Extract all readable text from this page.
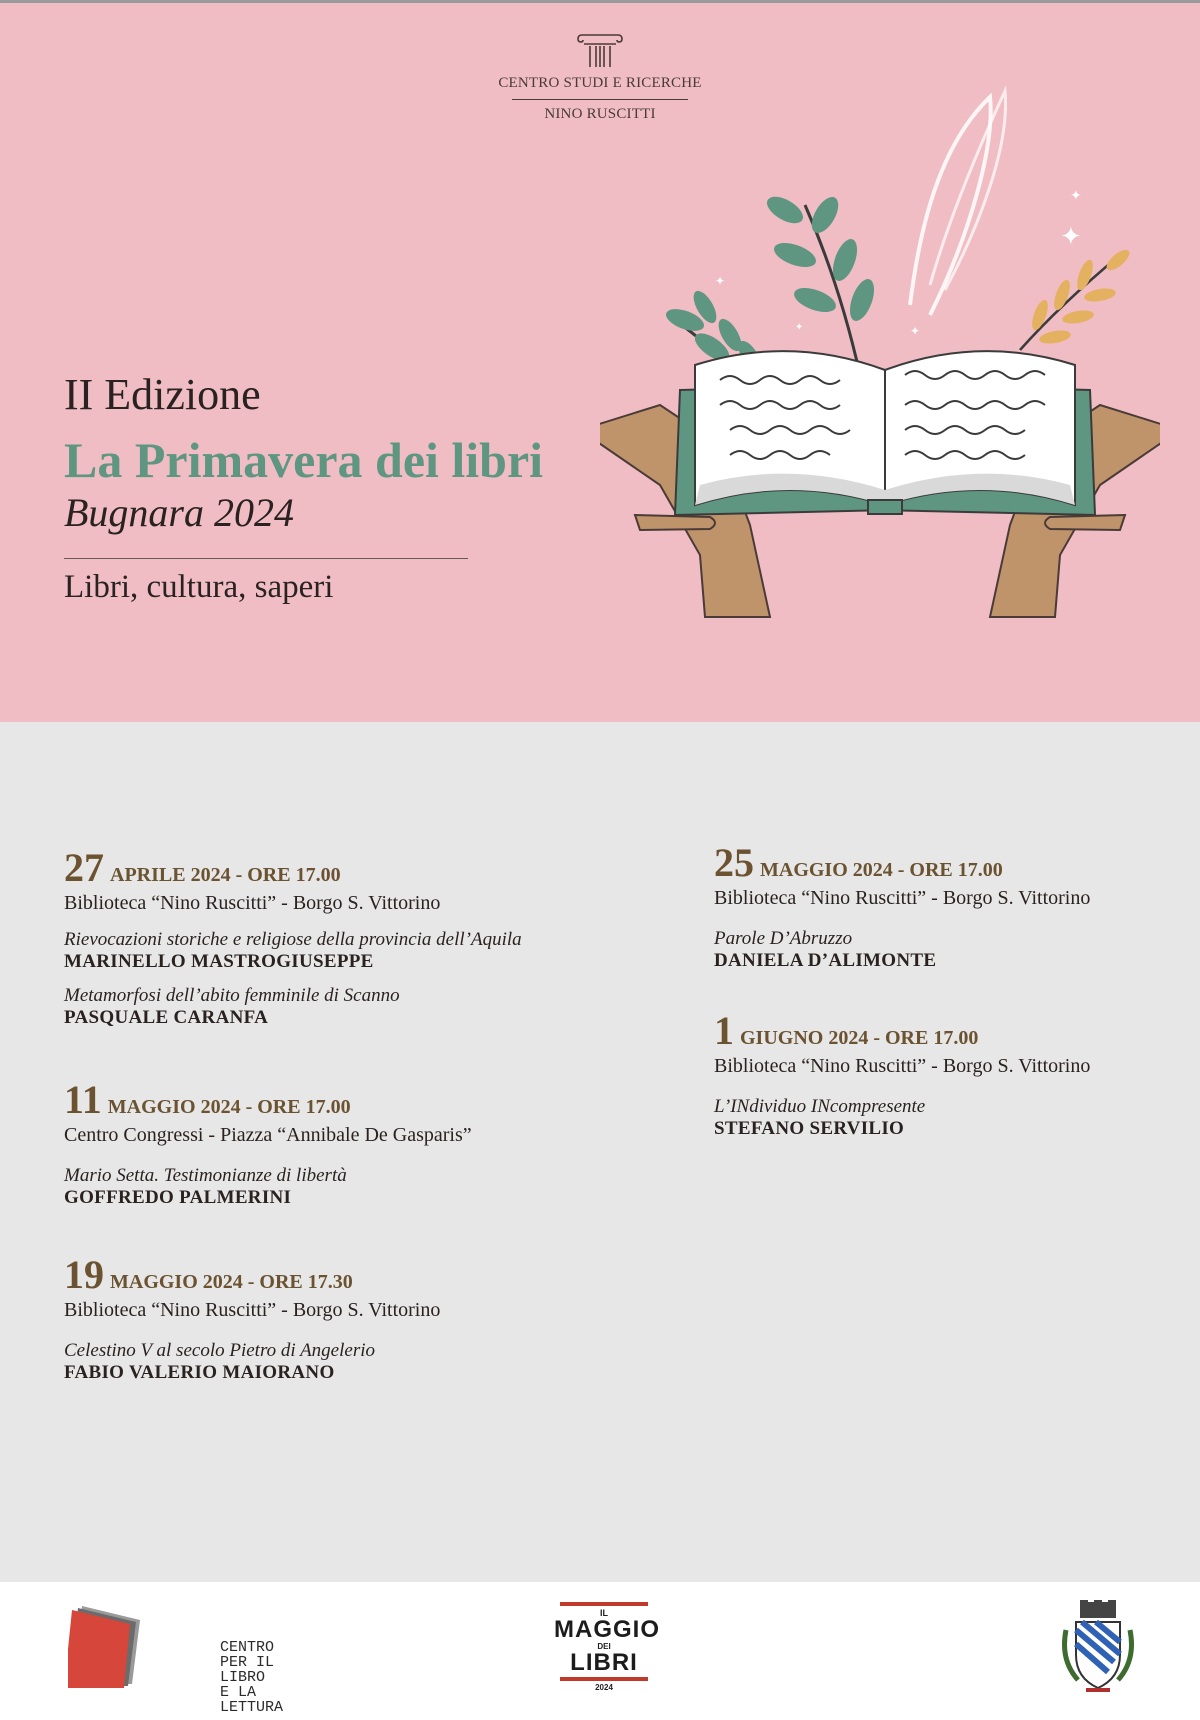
CENTRO STUDI E RICERCHE
NINO RUSCITTI
II Edizione
La Primavera dei libri
Bugnara 2024
Libri, cultura, saperi
✦
✦
✦
✦
✦
27 APRILE 2024 - ORE 17.00
Biblioteca “Nino Ruscitti” - Borgo S. Vittorino
Rievocazioni storiche e religiose della provincia dell’Aquila
MARINELLO MASTROGIUSEPPE
Metamorfosi dell’abito femminile di Scanno
PASQUALE CARANFA
11 MAGGIO 2024 - ORE 17.00
Centro Congressi - Piazza “Annibale De Gasparis”
Mario Setta. Testimonianze di libertà
GOFFREDO PALMERINI
19 MAGGIO 2024 - ORE 17.30
Biblioteca “Nino Ruscitti” - Borgo S. Vittorino
Celestino V al secolo Pietro di Angelerio
FABIO VALERIO MAIORANO
25 MAGGIO 2024 - ORE 17.00
Biblioteca “Nino Ruscitti” - Borgo S. Vittorino
Parole D’Abruzzo
DANIELA D’ALIMONTE
1 GIUGNO 2024 - ORE 17.00
Biblioteca “Nino Ruscitti” - Borgo S. Vittorino
L’INdividuo INcompresente
STEFANO SERVILIO
CENTRO
PER IL LIBRO
E LA LETTURA
IL
MAGGIO
DEI
LIBRI
2024
